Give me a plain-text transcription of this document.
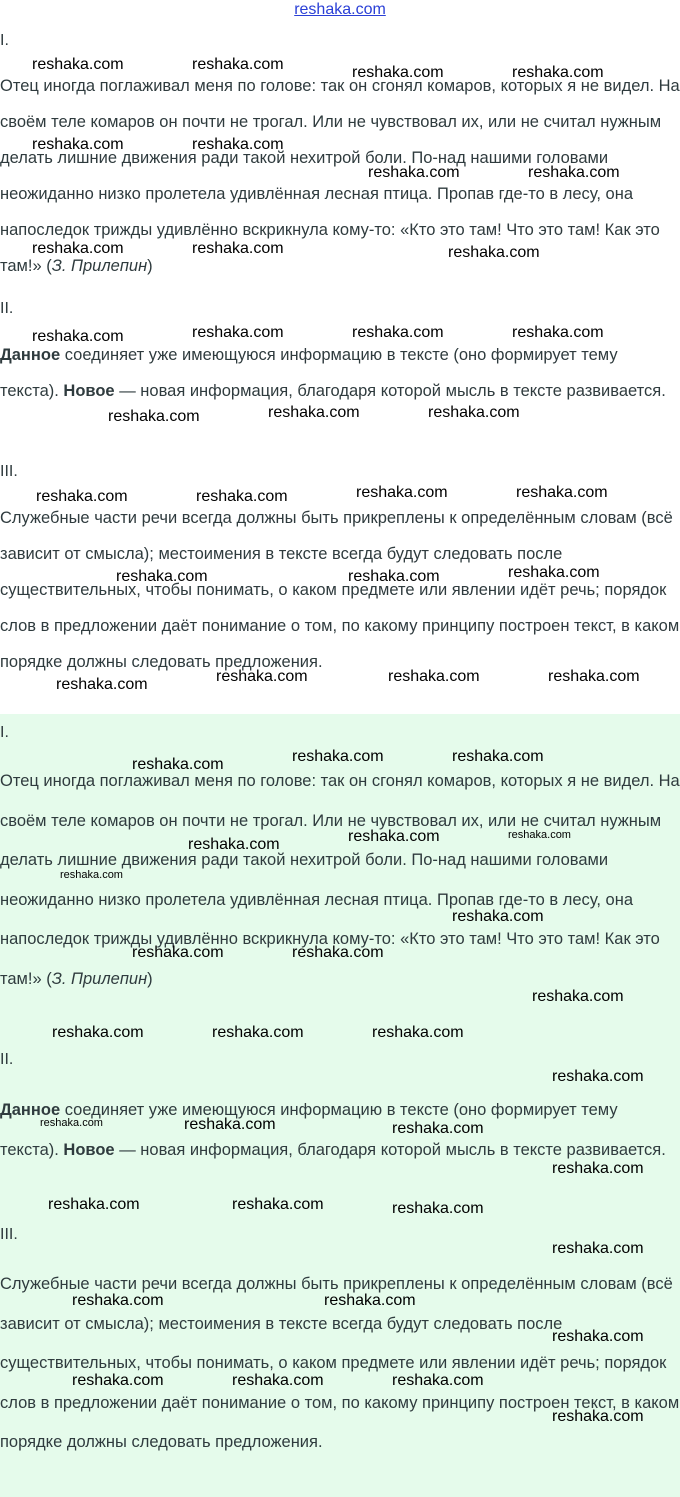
reshaka.com
I.
Отец иногда поглаживал меня по голове: так он сгонял комаров, которых я не видел. На своём теле комаров он почти не трогал. Или не чувствовал их, или не считал нужным делать лишние движения ради такой нехитрой боли. По-над нашими головами неожиданно низко пролетела удивлённая лесная птица. Пропав где-то в лесу, она напоследок трижды удивлённо вскрикнула кому-то: «Кто это там! Что это там! Как это там!» (З. Прилепин)
II.
Данное соединяет уже имеющуюся информацию в тексте (оно формирует тему текста). Новое — новая информация, благодаря которой мысль в тексте развивается.
III.
Служебные части речи всегда должны быть прикреплены к определённым словам (всё зависит от смысла); местоимения в тексте всегда будут следовать после существительных, чтобы понимать, о каком предмете или явлении идёт речь; порядок слов в предложении даёт понимание о том, по какому принципу построен текст, в каком порядке должны следовать предложения.
I.
Отец иногда поглаживал меня по голове: так он сгонял комаров, которых я не видел. На своём теле комаров он почти не трогал. Или не чувствовал их, или не считал нужным делать лишние движения ради такой нехитрой боли. По-над нашими головами неожиданно низко пролетела удивлённая лесная птица. Пропав где-то в лесу, она напоследок трижды удивлённо вскрикнула кому-то: «Кто это там! Что это там! Как это там!» (З. Прилепин)
II.
Данное соединяет уже имеющуюся информацию в тексте (оно формирует тему текста). Новое — новая информация, благодаря которой мысль в тексте развивается.
III.
Служебные части речи всегда должны быть прикреплены к определённым словам (всё зависит от смысла); местоимения в тексте всегда будут следовать после существительных, чтобы понимать, о каком предмете или явлении идёт речь; порядок слов в предложении даёт понимание о том, по какому принципу построен текст, в каком порядке должны следовать предложения.
reshaka.com	reshaka.com	reshaka.com	reshaka.com
reshaka.com	reshaka.com
reshaka.com	reshaka.com
reshaka.com	reshaka.com	reshaka.com
reshaka.com	reshaka.com	reshaka.com	reshaka.com
reshaka.com	reshaka.com	reshaka.com
reshaka.com	reshaka.com	reshaka.com	reshaka.com
reshaka.com	reshaka.com	reshaka.com
reshaka.com	reshaka.com	reshaka.com	reshaka.com
reshaka.com	reshaka.com	reshaka.com
reshaka.com	reshaka.com	reshaka.com
reshaka.com
reshaka.com
reshaka.com	reshaka.com
reshaka.com
reshaka.com	reshaka.com	reshaka.com
reshaka.com
reshaka.com	reshaka.com	reshaka.com
reshaka.com
reshaka.com	reshaka.com	reshaka.com
reshaka.com
reshaka.com	reshaka.com
reshaka.com
reshaka.com	reshaka.com	reshaka.com
reshaka.com
